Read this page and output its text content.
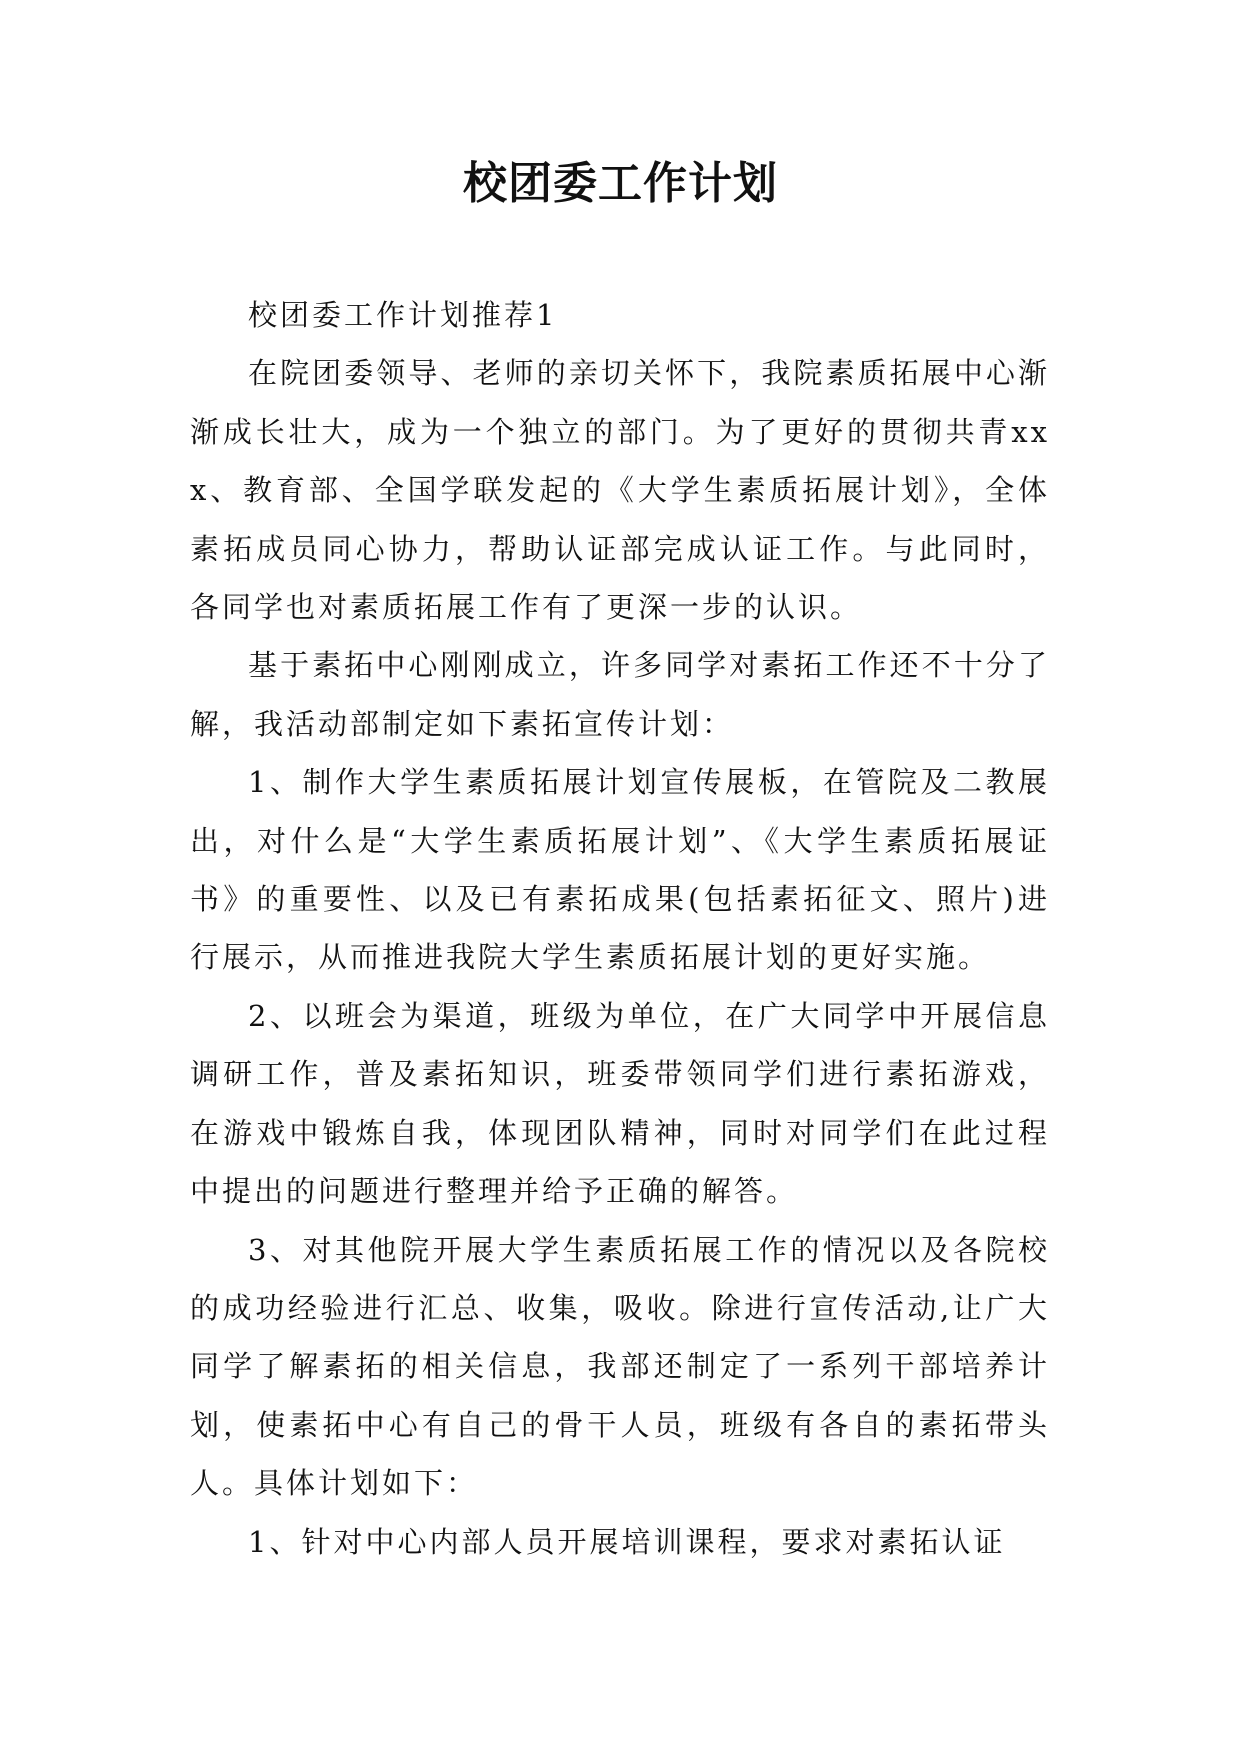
校团委工作计划

校团委工作计划推荐1

在院团委领导、老师的亲切关怀下，我院素质拓展中心渐渐成长壮大，成为一个独立的部门。为了更好的贯彻共青xxx、教育部、全国学联发起的《大学生素质拓展计划》，全体素拓成员同心协力，帮助认证部完成认证工作。与此同时，各同学也对素质拓展工作有了更深一步的认识。

基于素拓中心刚刚成立，许多同学对素拓工作还不十分了解，我活动部制定如下素拓宣传计划：

1、制作大学生素质拓展计划宣传展板，在管院及二教展出，对什么是“大学生素质拓展计划”、《大学生素质拓展证书》的重要性、以及已有素拓成果(包括素拓征文、照片)进行展示，从而推进我院大学生素质拓展计划的更好实施。

2、以班会为渠道，班级为单位，在广大同学中开展信息调研工作，普及素拓知识，班委带领同学们进行素拓游戏，在游戏中锻炼自我，体现团队精神，同时对同学们在此过程中提出的问题进行整理并给予正确的解答。

3、对其他院开展大学生素质拓展工作的情况以及各院校的成功经验进行汇总、收集，吸收。除进行宣传活动,让广大同学了解素拓的相关信息，我部还制定了一系列干部培养计划，使素拓中心有自己的骨干人员，班级有各自的素拓带头人。具体计划如下：

1、针对中心内部人员开展培训课程，要求对素拓认证
